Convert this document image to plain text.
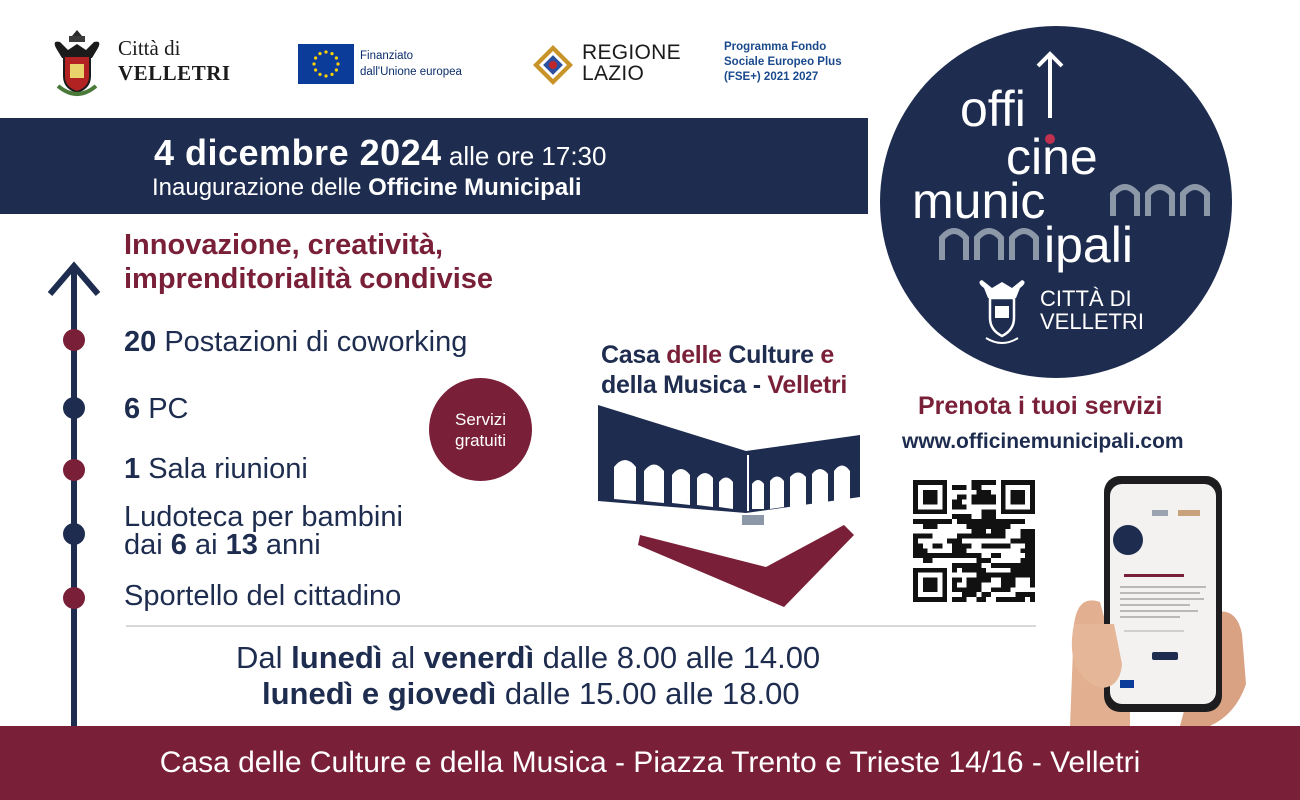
Città di
VELLETRI
Finanziato
dall'Unione europea
REGIONE
LAZIO
Programma Fondo
Sociale Europeo Plus
(FSE+) 2021 2027
4 dicembre 2024 alle ore 17:30
Inaugurazione delle Officine Municipali
offi
cine
munic
ipali
CITTÀ DI
VELLETRI
Innovazione, creatività,
imprenditorialità condivise
20 Postazioni di coworking
6 PC
1 Sala riunioni
Ludoteca per bambini
dai 6 ai 13 anni
Sportello del cittadino
Servizi
gratuiti
Casa delle Culture e
della Musica - Velletri
Prenota i tuoi servizi
www.officinemunicipali.com
Dal lunedì al venerdì dalle 8.00 alle 14.00
lunedì e giovedì dalle 15.00 alle 18.00
Casa delle Culture e della Musica - Piazza Trento e Trieste 14/16 - Velletri
